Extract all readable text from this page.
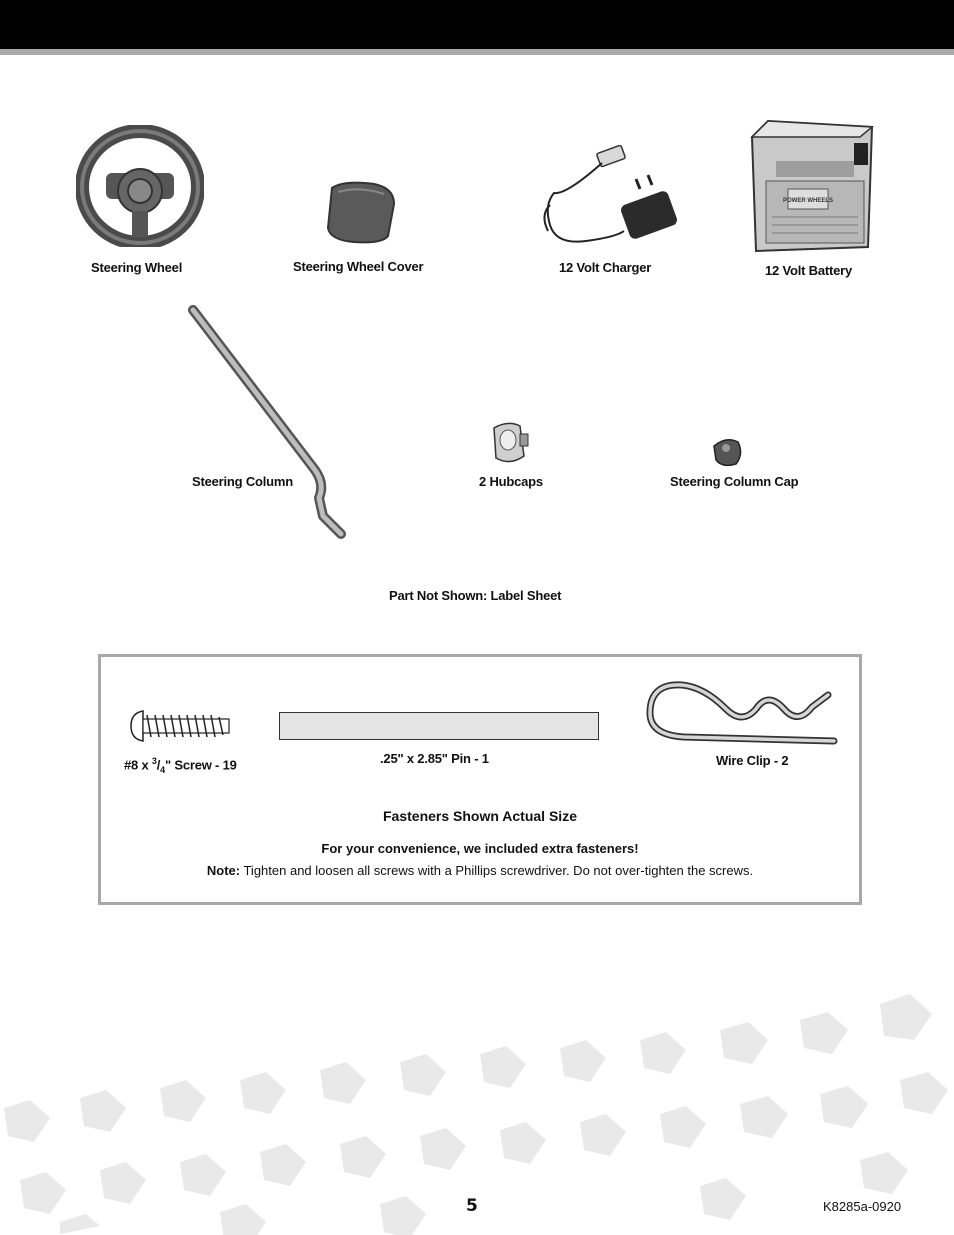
Steering Wheel	Steering Wheel Cover	12 Volt Charger
POWER WHEELS
12 Volt Battery
Steering Column	2 Hubcaps	Steering Column Cap
Part Not Shown: Label Sheet
#8 x $^3/_4$" Screw - 19	.25" x 2.85" Pin - 1	Wire Clip - 2
Fasteners Shown Actual Size
For your convenience, we included extra fasteners!
Note: Tighten and loosen all screws with a Phillips screwdriver. Do not over-tighten the screws.
5	K8285a-0920
